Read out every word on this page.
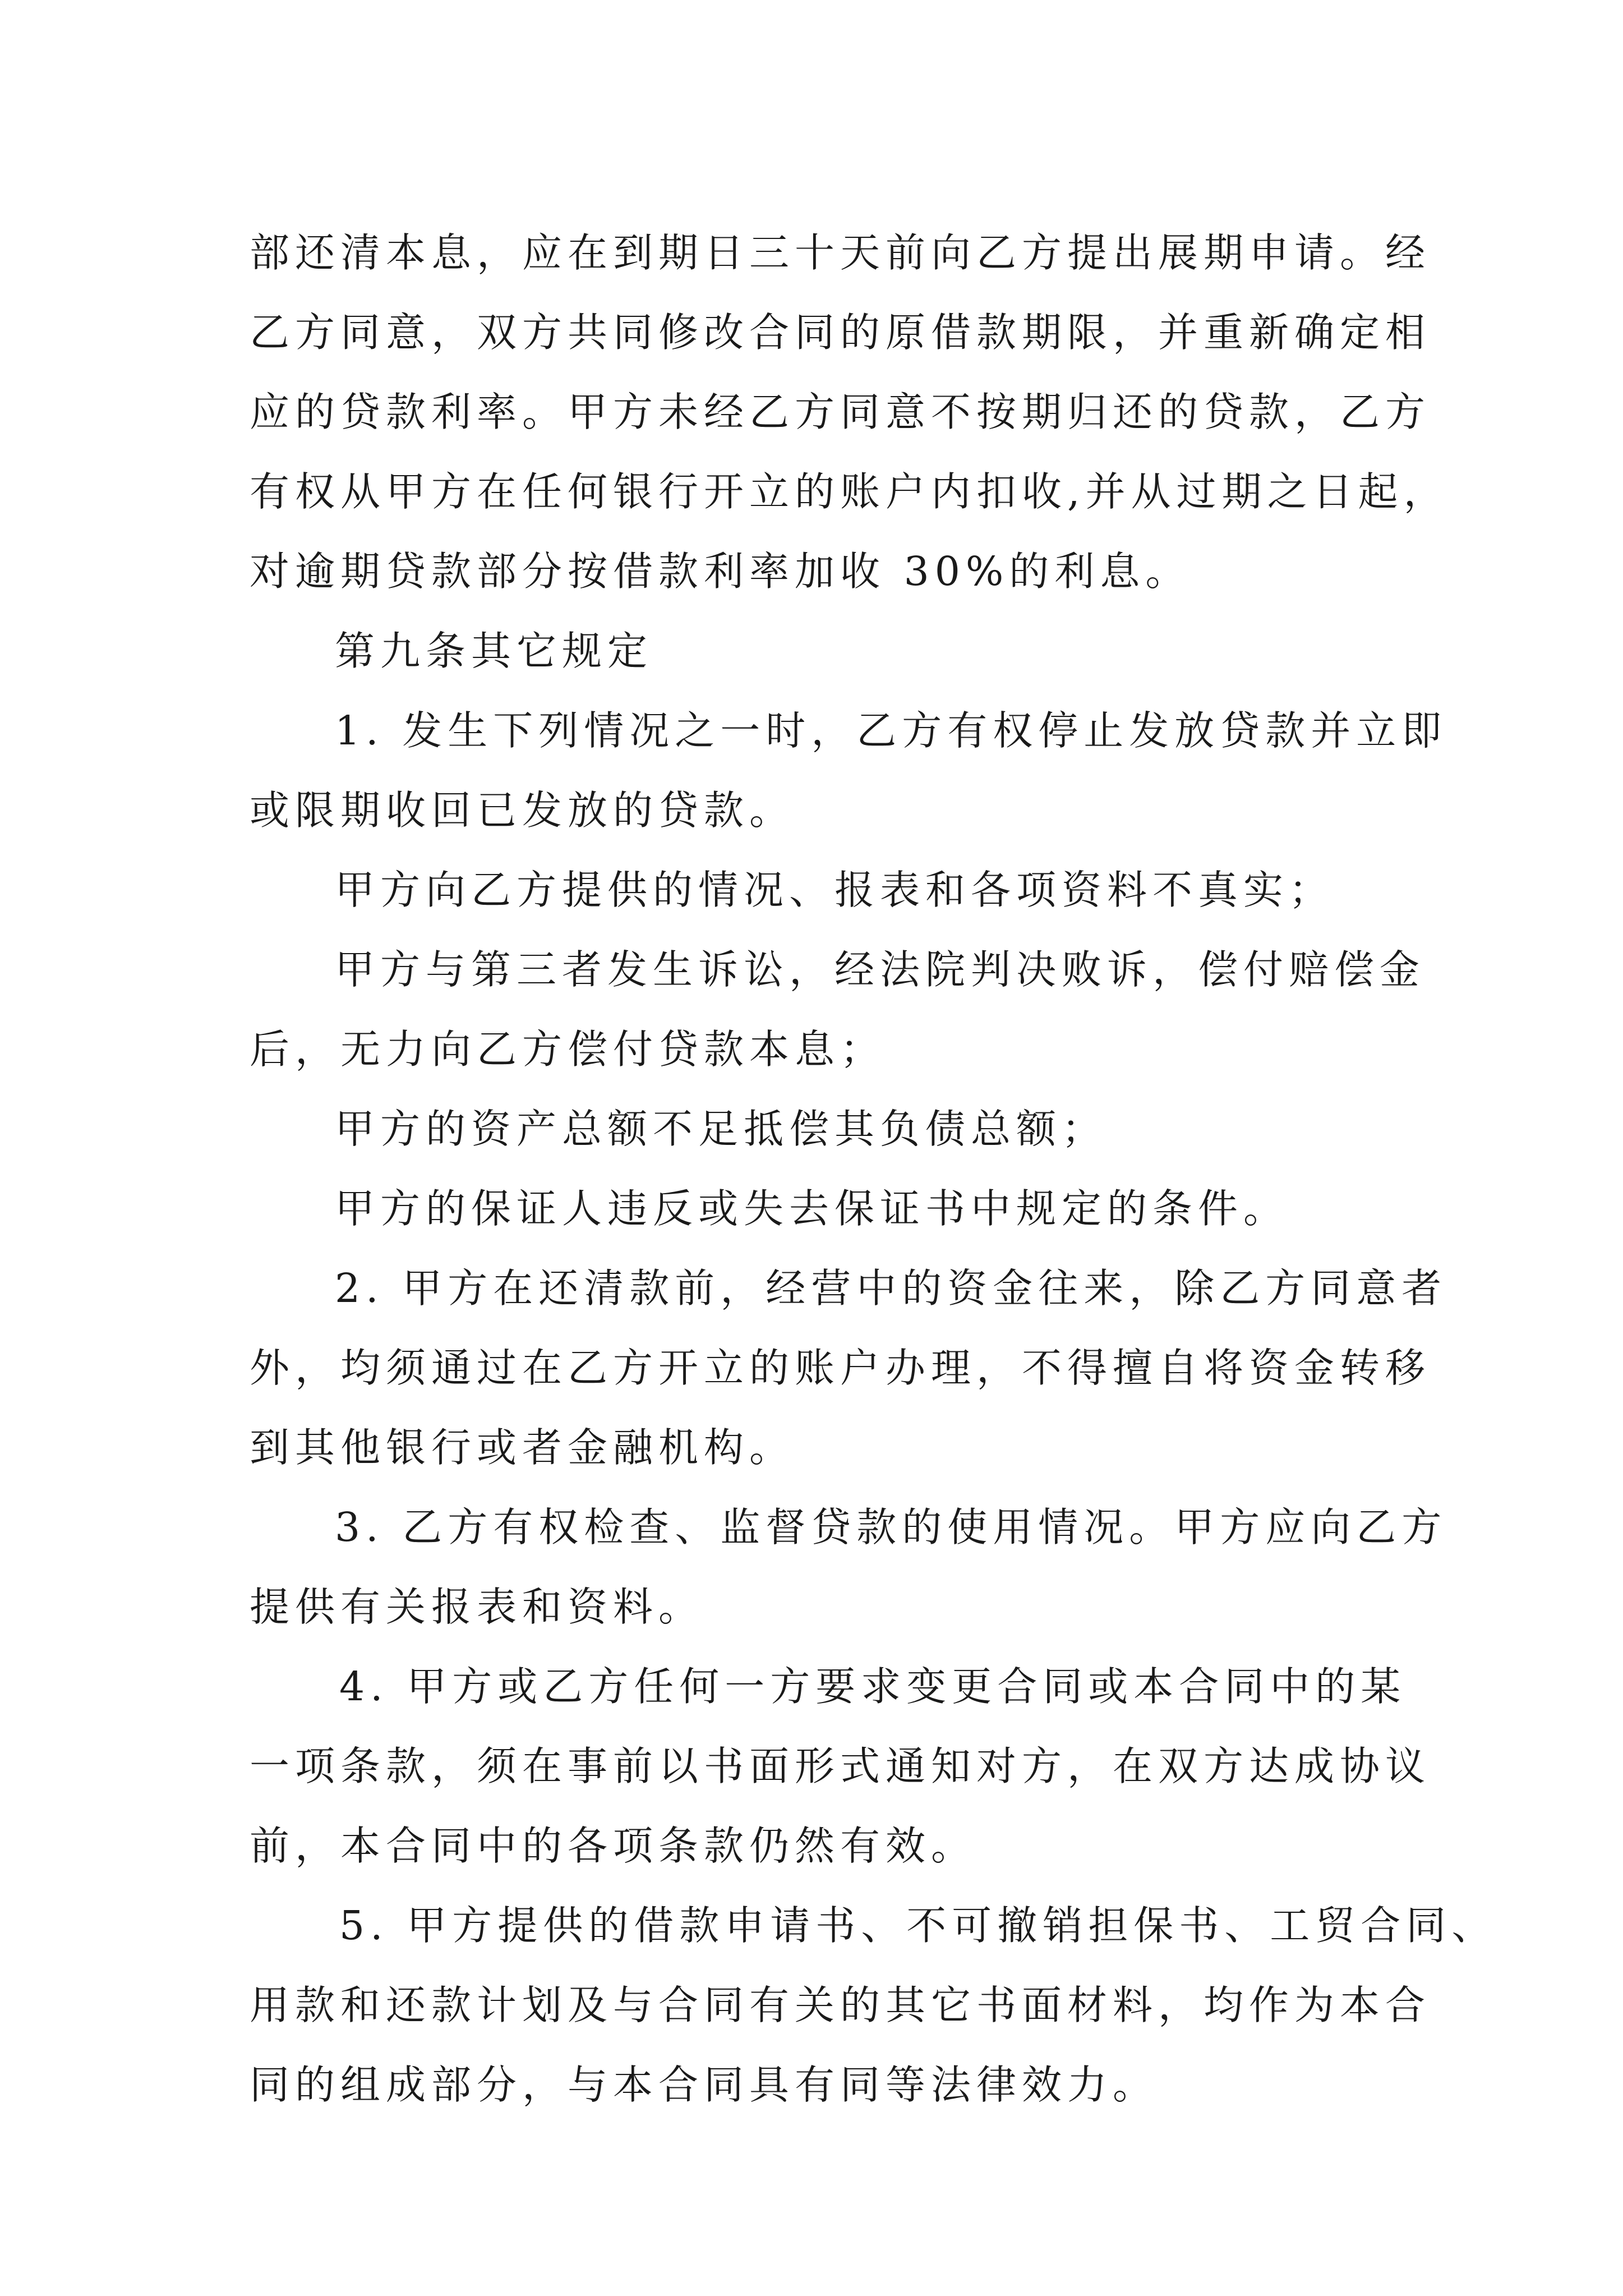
部还清本息，应在到期日三十天前向乙方提出展期申请。经
乙方同意，双方共同修改合同的原借款期限，并重新确定相
应的贷款利率。甲方未经乙方同意不按期归还的贷款，乙方
有权从甲方在任何银行开立的账户内扣收,并从过期之日起，
对逾期贷款部分按借款利率加收 30%的利息。
第九条其它规定
1. 发生下列情况之一时，乙方有权停止发放贷款并立即
或限期收回已发放的贷款。
甲方向乙方提供的情况、报表和各项资料不真实；
甲方与第三者发生诉讼，经法院判决败诉，偿付赔偿金
后，无力向乙方偿付贷款本息；
甲方的资产总额不足抵偿其负债总额；
甲方的保证人违反或失去保证书中规定的条件。
2. 甲方在还清款前，经营中的资金往来，除乙方同意者
外，均须通过在乙方开立的账户办理，不得擅自将资金转移
到其他银行或者金融机构。
3. 乙方有权检查、监督贷款的使用情况。甲方应向乙方
提供有关报表和资料。
4. 甲方或乙方任何一方要求变更合同或本合同中的某
一项条款，须在事前以书面形式通知对方，在双方达成协议
前，本合同中的各项条款仍然有效。
5. 甲方提供的借款申请书、不可撤销担保书、工贸合同、
用款和还款计划及与合同有关的其它书面材料，均作为本合
同的组成部分，与本合同具有同等法律效力。
